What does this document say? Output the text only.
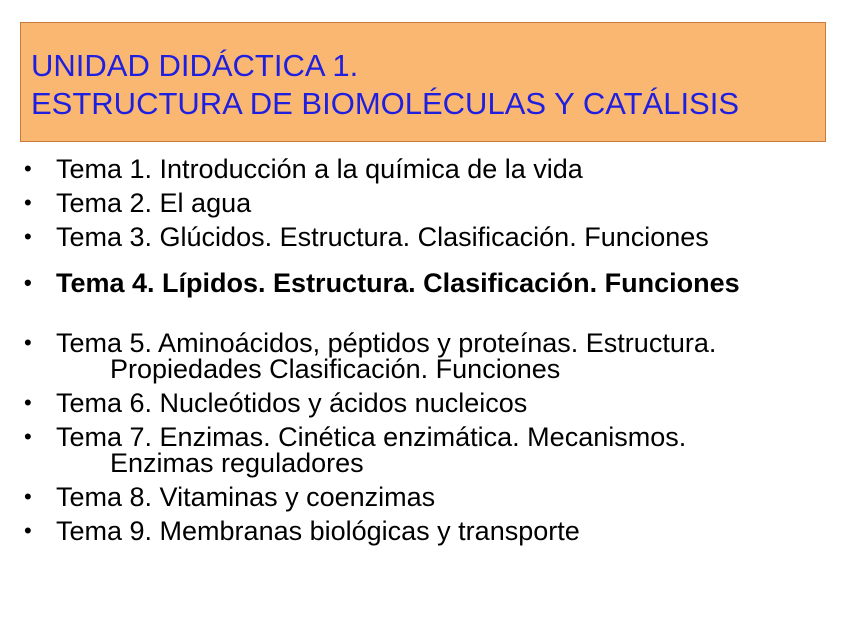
UNIDAD DIDÁCTICA 1.
ESTRUCTURA DE BIOMOLÉCULAS Y CATÁLISIS
• Tema 1. Introducción a la química de la vida
• Tema 2. El agua
• Tema 3. Glúcidos. Estructura. Clasificación. Funciones
• Tema 4. Lípidos. Estructura. Clasificación. Funciones
• Tema 5. Aminoácidos, péptidos y proteínas. Estructura.
Propiedades Clasificación. Funciones
• Tema 6. Nucleótidos y ácidos nucleicos
• Tema 7. Enzimas. Cinética enzimática. Mecanismos.
Enzimas reguladores
• Tema 8. Vitaminas y coenzimas
• Tema 9. Membranas biológicas y transporte
